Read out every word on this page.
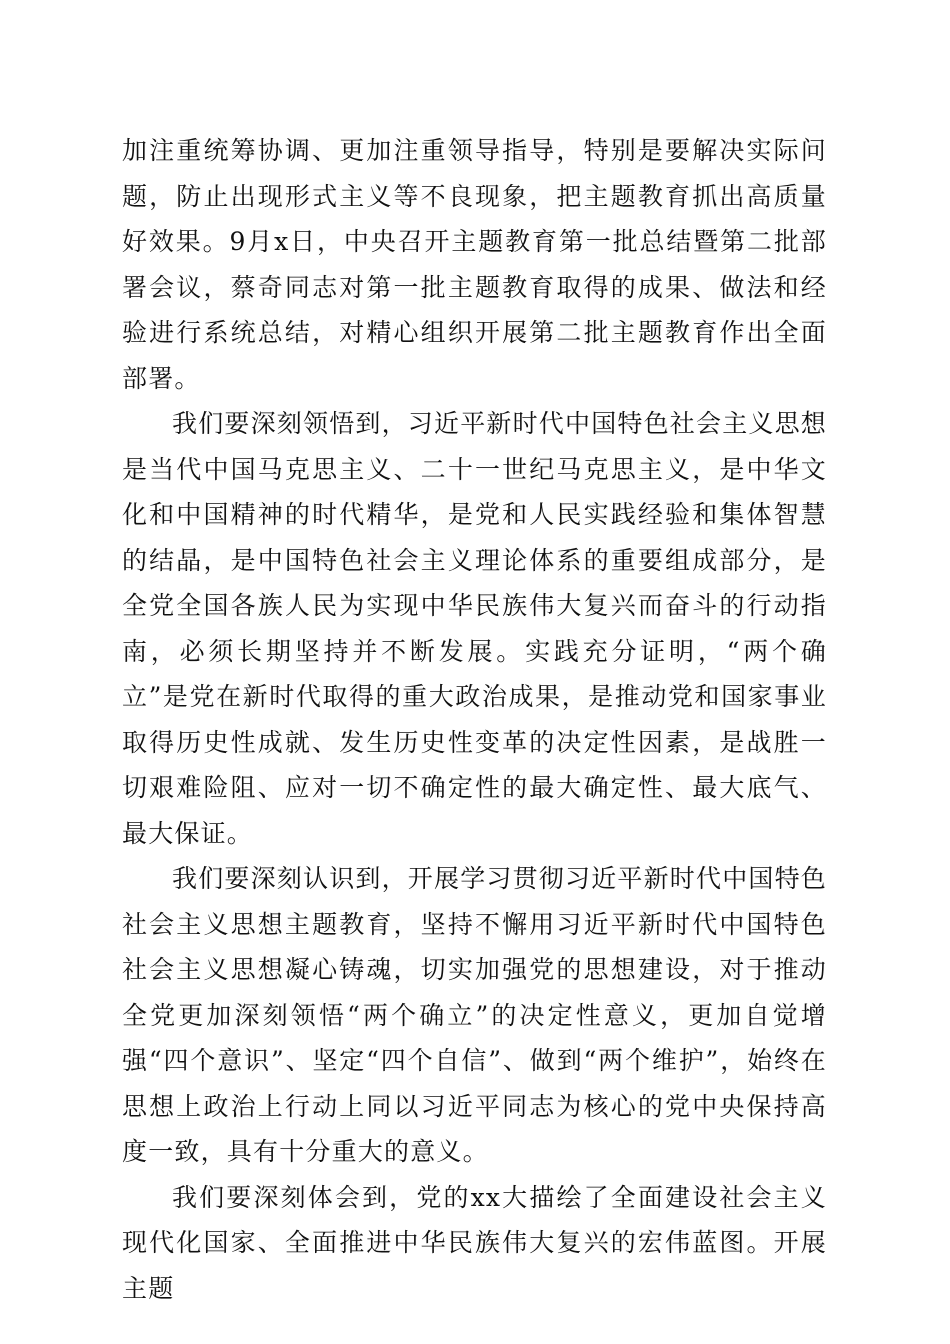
加注重统筹协调、更加注重领导指导，特别是要解决实际问题，防止出现形式主义等不良现象，把主题教育抓出高质量好效果。9月x日，中央召开主题教育第一批总结暨第二批部署会议，蔡奇同志对第一批主题教育取得的成果、做法和经验进行系统总结，对精心组织开展第二批主题教育作出全面部署。

我们要深刻领悟到，习近平新时代中国特色社会主义思想是当代中国马克思主义、二十一世纪马克思主义，是中华文化和中国精神的时代精华，是党和人民实践经验和集体智慧的结晶，是中国特色社会主义理论体系的重要组成部分，是全党全国各族人民为实现中华民族伟大复兴而奋斗的行动指南，必须长期坚持并不断发展。实践充分证明，“两个确立”是党在新时代取得的重大政治成果，是推动党和国家事业取得历史性成就、发生历史性变革的决定性因素，是战胜一切艰难险阻、应对一切不确定性的最大确定性、最大底气、最大保证。

我们要深刻认识到，开展学习贯彻习近平新时代中国特色社会主义思想主题教育，坚持不懈用习近平新时代中国特色社会主义思想凝心铸魂，切实加强党的思想建设，对于推动全党更加深刻领悟“两个确立”的决定性意义，更加自觉增强“四个意识”、坚定“四个自信”、做到“两个维护”，始终在思想上政治上行动上同以习近平同志为核心的党中央保持高度一致，具有十分重大的意义。

我们要深刻体会到，党的xx大描绘了全面建设社会主义现代化国家、全面推进中华民族伟大复兴的宏伟蓝图。开展主题
